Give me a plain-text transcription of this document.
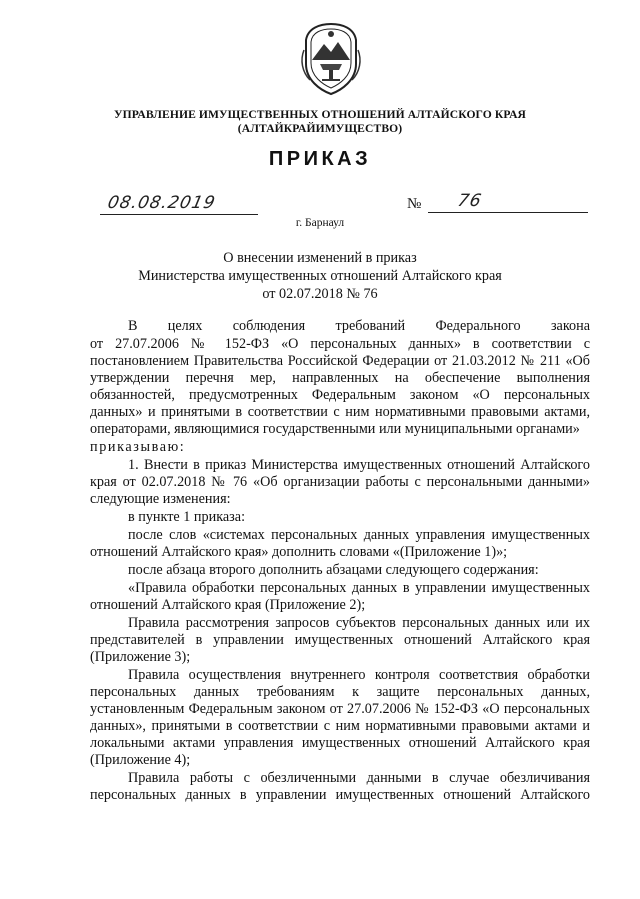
УПРАВЛЕНИЕ ИМУЩЕСТВЕННЫХ ОТНОШЕНИЙ АЛТАЙСКОГО КРАЯ
(АЛТАЙКРАЙИМУЩЕСТВО)
ПРИКАЗ
08.08.2019	№ 76
г. Барнаул
О внесении изменений в приказ
Министерства имущественных отношений Алтайского края
от 02.07.2018 № 76

В целях соблюдения требований Федерального закона

от 27.07.2006 № 152-ФЗ «О персональных данных» в соответствии с постановлением Правительства Российской Федерации от 21.03.2012 № 211 «Об утверждении перечня мер, направленных на обеспечение выполнения обязанностей, предусмотренных Федеральным законом «О персональных данных» и принятыми в соответствии с ним нормативными правовыми актами, операторами, являющимися государственными или муниципальными органами»

приказываю:

1. Внести в приказ Министерства имущественных отношений Алтайского края от 02.07.2018 № 76 «Об организации работы с персональными данными» следующие изменения:

в пункте 1 приказа:

после слов «системах персональных данных управления имущественных отношений Алтайского края» дополнить словами «(Приложение 1)»;

после абзаца второго дополнить абзацами следующего содержания:

«Правила обработки персональных данных в управлении имущественных отношений Алтайского края (Приложение 2);

Правила рассмотрения запросов субъектов персональных данных или их представителей в управлении имущественных отношений Алтайского края (Приложение 3);

Правила осуществления внутреннего контроля соответствия обработки персональных данных требованиям к защите персональных данных, установленным Федеральным законом от 27.07.2006 № 152-ФЗ «О персональных данных», принятыми в соответствии с ним нормативными правовыми актами и локальными актами управления имущественных отношений Алтайского края (Приложение 4);

Правила работы с обезличенными данными в случае обезличивания персональных данных в управлении имущественных отношений Алтайского
